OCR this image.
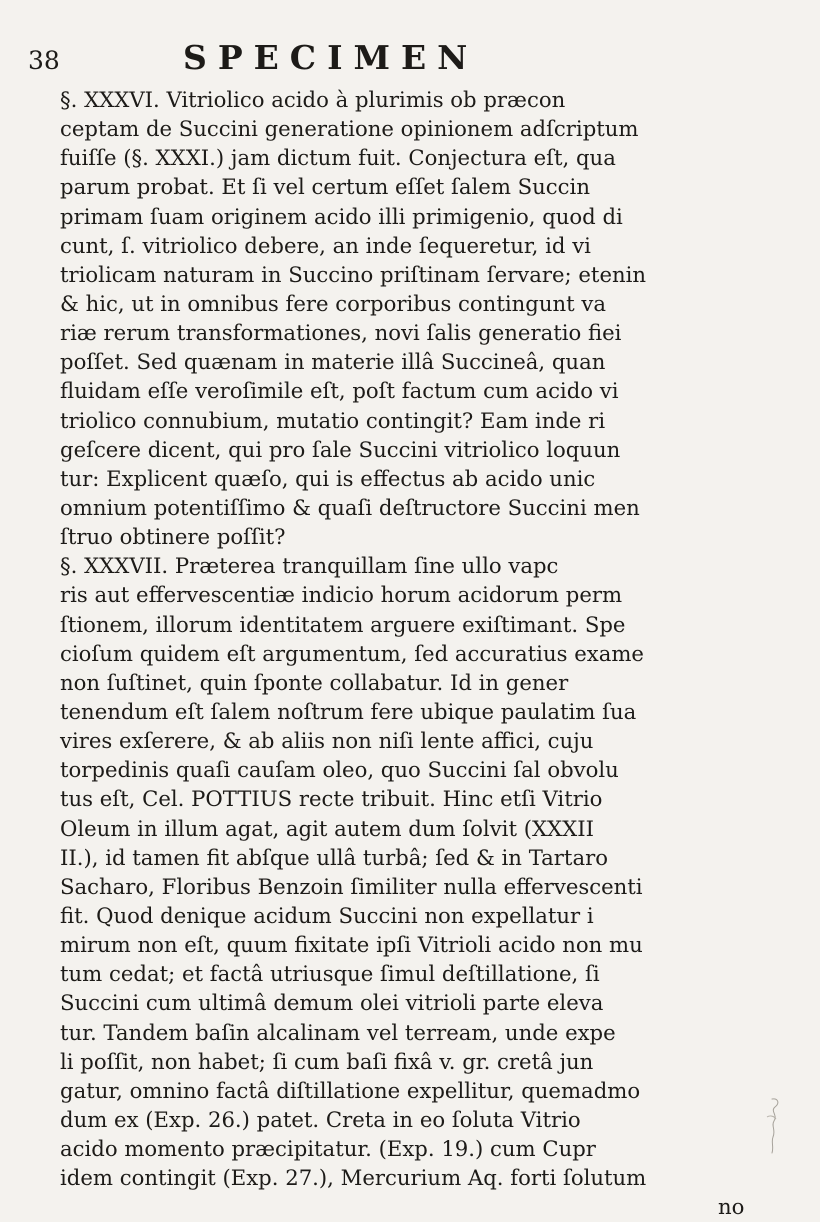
38	SPECIMEN
§. XXXVI. Vitriolico acido à plurimis ob præcon
ceptam de Succini generatione opinionem adſcriptum
fuiſſe (§. XXXI.) jam dictum fuit. Conjectura eſt, qua
parum probat. Et ſi vel certum eſſet ſalem Succin
primam ſuam originem acido illi primigenio, quod di
cunt, ſ. vitriolico debere, an inde ſequeretur, id vi
triolicam naturam in Succino priſtinam ſervare; etenin
& hic, ut in omnibus fere corporibus contingunt va
riæ rerum transformationes, novi ſalis generatio fiei
poſſet. Sed quænam in materie illâ Succineâ, quan
fluidam eſſe veroſimile eſt, poſt factum cum acido vi
triolico connubium, mutatio contingit? Eam inde ri
geſcere dicent, qui pro ſale Succini vitriolico loquun
tur: Explicent quæſo, qui is effectus ab acido unic
omnium potentiſſimo & quaſi deſtructore Succini men
ſtruo obtinere poſſit?
§. XXXVII. Præterea tranquillam ſine ullo vapc
ris aut effervescentiæ indicio horum acidorum perm
ſtionem, illorum identitatem arguere exiſtimant. Spe
cioſum quidem eſt argumentum, ſed accuratius exame
non ſuſtinet, quin ſponte collabatur. Id in gener
tenendum eſt ſalem noſtrum fere ubique paulatim ſua
vires exſerere, & ab aliis non niſi lente affici, cuju
torpedinis quaſi cauſam oleo, quo Succini ſal obvolu
tus eſt, Cel. POTTIUS recte tribuit. Hinc etſi Vitrio
Oleum in illum agat, agit autem dum ſolvit (XXXII
II.), id tamen fit abſque ullâ turbâ; ſed & in Tartaro
Sacharo, Floribus Benzoin ſimiliter nulla effervescenti
fit. Quod denique acidum Succini non expellatur i
mirum non eſt, quum fixitate ipſi Vitrioli acido non mu
tum cedat; et factâ utriusque ſimul deſtillatione, ſi
Succini cum ultimâ demum olei vitrioli parte eleva
tur. Tandem baſin alcalinam vel terream, unde expe
li poſſit, non habet; ſi cum baſi fixâ v. gr. cretâ jun
gatur, omnino factâ diſtillatione expellitur, quemadmo
dum ex (Exp. 26.) patet. Creta in eo ſoluta Vitrio
acido momento præcipitatur. (Exp. 19.) cum Cupr
idem contingit (Exp. 27.), Mercurium Aq. forti ſolutum
no
